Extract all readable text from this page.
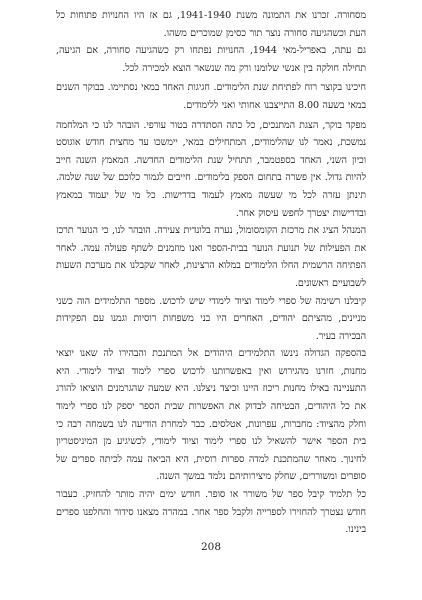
מסחורה. זכרנו את התמונה משנת 1941-1940, גם אז היו החנויות פתוחות כל העת וכשהגיעה סחורה נוצר תור כסימן שמוכרים משהו.

גם עתה, באפריל-מאי 1944, החנויות נפתחו רק כשהגיעה סחורה, אם הגיעה, תחילה חולקה בין אנשי שלומנו ורק מה שנשאר הוצא למכירה לכל.

חיכינו בקוצר רוח לפתיחת שנת הלימודים. חגיגות האחד במאי נסתיימו. בבוקר השנים במאי בשעה 8.00 התייצבנו אחותי ואני ללימודים.

מפקד בוקר, הצגת המתנכים, כל כתה הסתדרה בטור עורפי. הובהר לנו כי המלחמה נמשכת, נאמר לנו שהלימודים, המתחילים במאי, יימשכו עד מחצית חודש אוגוסט וכיון השני, האחד בספטמבר, תתחיל שנת הלימודים החדשה. המאמץ השנה חייב להיות גדול. אין פשרה בתחום הספק בלימודים. חייבים לגמור כלוכם של שנה שלמה. תינתן עזרה לכל מי שעשה מאמץ לעמוד בדרישות. כל מי של יעמוד במאמץ ובדרישות יצטרך לחפש עיסוק אחר.

המנהל הציג את מרכזת הקומסומול, נערה בלונדית צעירה. הובהר לנו, כי הנוער תרכז את הפעילות של תנועת הנוער בבית-הספר ואנו מוזמנים לשתף פעולה עמה. לאחר הפתיחה הרשמית החלו הלימודים במלוא הרצינות, לאחר שקבלנו את מערכת השעות לשבועיים ראשונים.

קיבלנו רשימה של ספרי לימוד וציוד לימודי שיש לרכוש. מספר התלמידים הוה כשני מניינים, מהציתם יהודים, האחרים היו בני משפחות רוסיות וגמנו עם הפקידות הבכירה בעיר.

בהספקה הגדולה נינשו התלמידים היהודים אל המתנכת והבהירו לה שאנו יוצאי מחנות, חזרנו מהגירוש ואין באפשרותנו לרכוש ספרי לימוד וציוד לימודי. היא התעניינה באילו מחנות ריכוז היינו וכיצד ניצלנו. היא שמעה שהגרמנים הוציאו להורג את כל היהודים, הבטיחה לבדוק את האפשרות שבית הספר יספק לנו ספרי לימוד וחלק מהציוד: מחברות, עפרונות, אטלסים. כבר למחרת הודיעה לנו בשמחה רבה כי בית הספר אישר להשאיל לנו ספרי לימוד וציוד לימודי, לכשיגיע מן המיניסטריון לחינוך. מאחר שהמתכנת למדה ספרות רוסית, היא הביאה עמה לכיתה ספרים של סופרים ומשוררים, שחלק מיצירותיהם נלמד במשך השנה.

כל תלמיד קיבל ספר של משורר או סופר. חודש ימים יהיה מותר להחזיק. כעבור חודש נצטרך להחזירו לספרייה ולקבל ספר אחר. במהרה מצאנו סידור והחלפנו ספרים בינינו.

208
